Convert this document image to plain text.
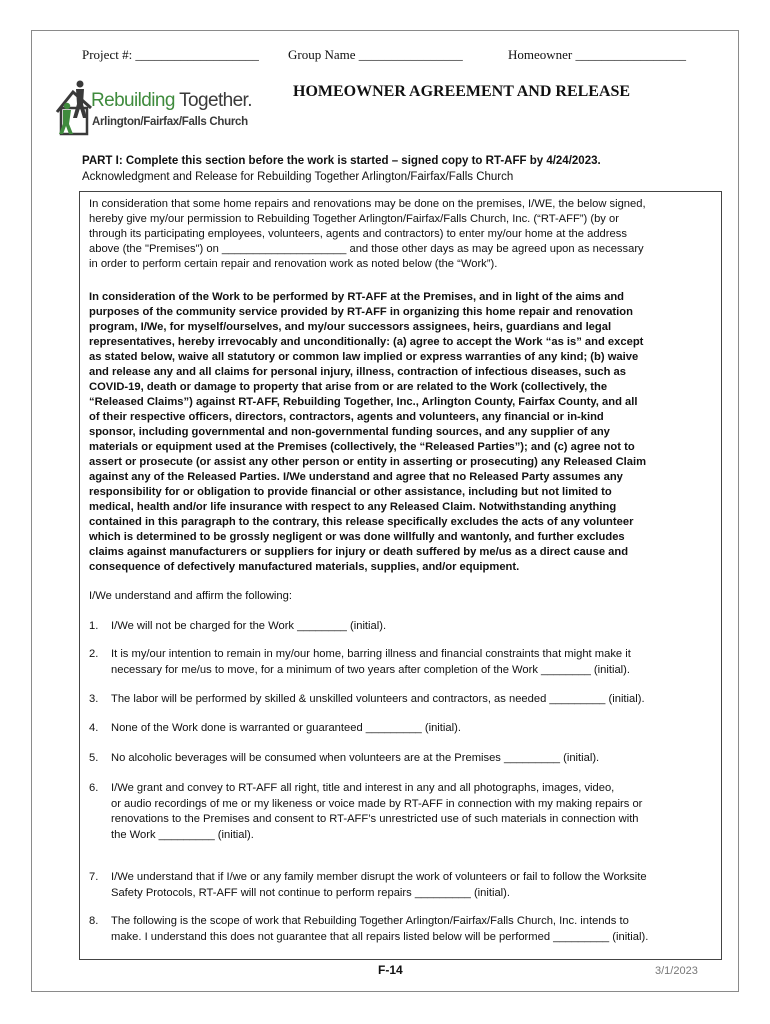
Project #: ___________________ Group Name ________________	Homeowner _________________
Rebuilding Together.
Arlington/Fairfax/Falls Church
HOMEOWNER AGREEMENT AND RELEASE
PART I: Complete this section before the work is started – signed copy to RT-AFF by 4/24/2023.
Acknowledgment and Release for Rebuilding Together Arlington/Fairfax/Falls Church
In consideration that some home repairs and renovations may be done on the premises, I/WE, the below signed,
hereby give my/our permission to Rebuilding Together Arlington/Fairfax/Falls Church, Inc. (“RT-AFF”) (by or
through its participating employees, volunteers, agents and contractors) to enter my/our home at the address
above (the "Premises") on ____________________ and those other days as may be agreed upon as necessary
in order to perform certain repair and renovation work as noted below (the “Work”).
In consideration of the Work to be performed by RT-AFF at the Premises, and in light of the aims and
purposes of the community service provided by RT-AFF in organizing this home repair and renovation
program, I/We, for myself/ourselves, and my/our successors assignees, heirs, guardians and legal
representatives, hereby irrevocably and unconditionally: (a) agree to accept the Work “as is” and except
as stated below, waive all statutory or common law implied or express warranties of any kind; (b) waive
and release any and all claims for personal injury, illness, contraction of infectious diseases, such as
COVID-19, death or damage to property that arise from or are related to the Work (collectively, the
“Released Claims”) against RT-AFF, Rebuilding Together, Inc., Arlington County, Fairfax County, and all
of their respective officers, directors, contractors, agents and volunteers, any financial or in-kind
sponsor, including governmental and non-governmental funding sources, and any supplier of any
materials or equipment used at the Premises (collectively, the “Released Parties”); and (c) agree not to
assert or prosecute (or assist any other person or entity in asserting or prosecuting) any Released Claim
against any of the Released Parties. I/We understand and agree that no Released Party assumes any
responsibility for or obligation to provide financial or other assistance, including but not limited to
medical, health and/or life insurance with respect to any Released Claim. Notwithstanding anything
contained in this paragraph to the contrary, this release specifically excludes the acts of any volunteer
which is determined to be grossly negligent or was done willfully and wantonly, and further excludes
claims against manufacturers or suppliers for injury or death suffered by me/us as a direct cause and
consequence of defectively manufactured materials, supplies, and/or equipment.
I/We understand and affirm the following:
1. I/We will not be charged for the Work ________ (initial).
2. It is my/our intention to remain in my/our home, barring illness and financial constraints that might make it
necessary for me/us to move, for a minimum of two years after completion of the Work ________ (initial).
3. The labor will be performed by skilled & unskilled volunteers and contractors, as needed _________ (initial).
4. None of the Work done is warranted or guaranteed _________ (initial).
5. No alcoholic beverages will be consumed when volunteers are at the Premises _________ (initial).
6. I/We grant and convey to RT-AFF all right, title and interest in any and all photographs, images, video,
or audio recordings of me or my likeness or voice made by RT-AFF in connection with my making repairs or
renovations to the Premises and consent to RT-AFF’s unrestricted use of such materials in connection with
the Work _________ (initial).
7. I/We understand that if I/we or any family member disrupt the work of volunteers or fail to follow the Worksite
Safety Protocols, RT-AFF will not continue to perform repairs _________ (initial).
8. The following is the scope of work that Rebuilding Together Arlington/Fairfax/Falls Church, Inc. intends to
make. I understand this does not guarantee that all repairs listed below will be performed _________ (initial).
F-14	3/1/2023
